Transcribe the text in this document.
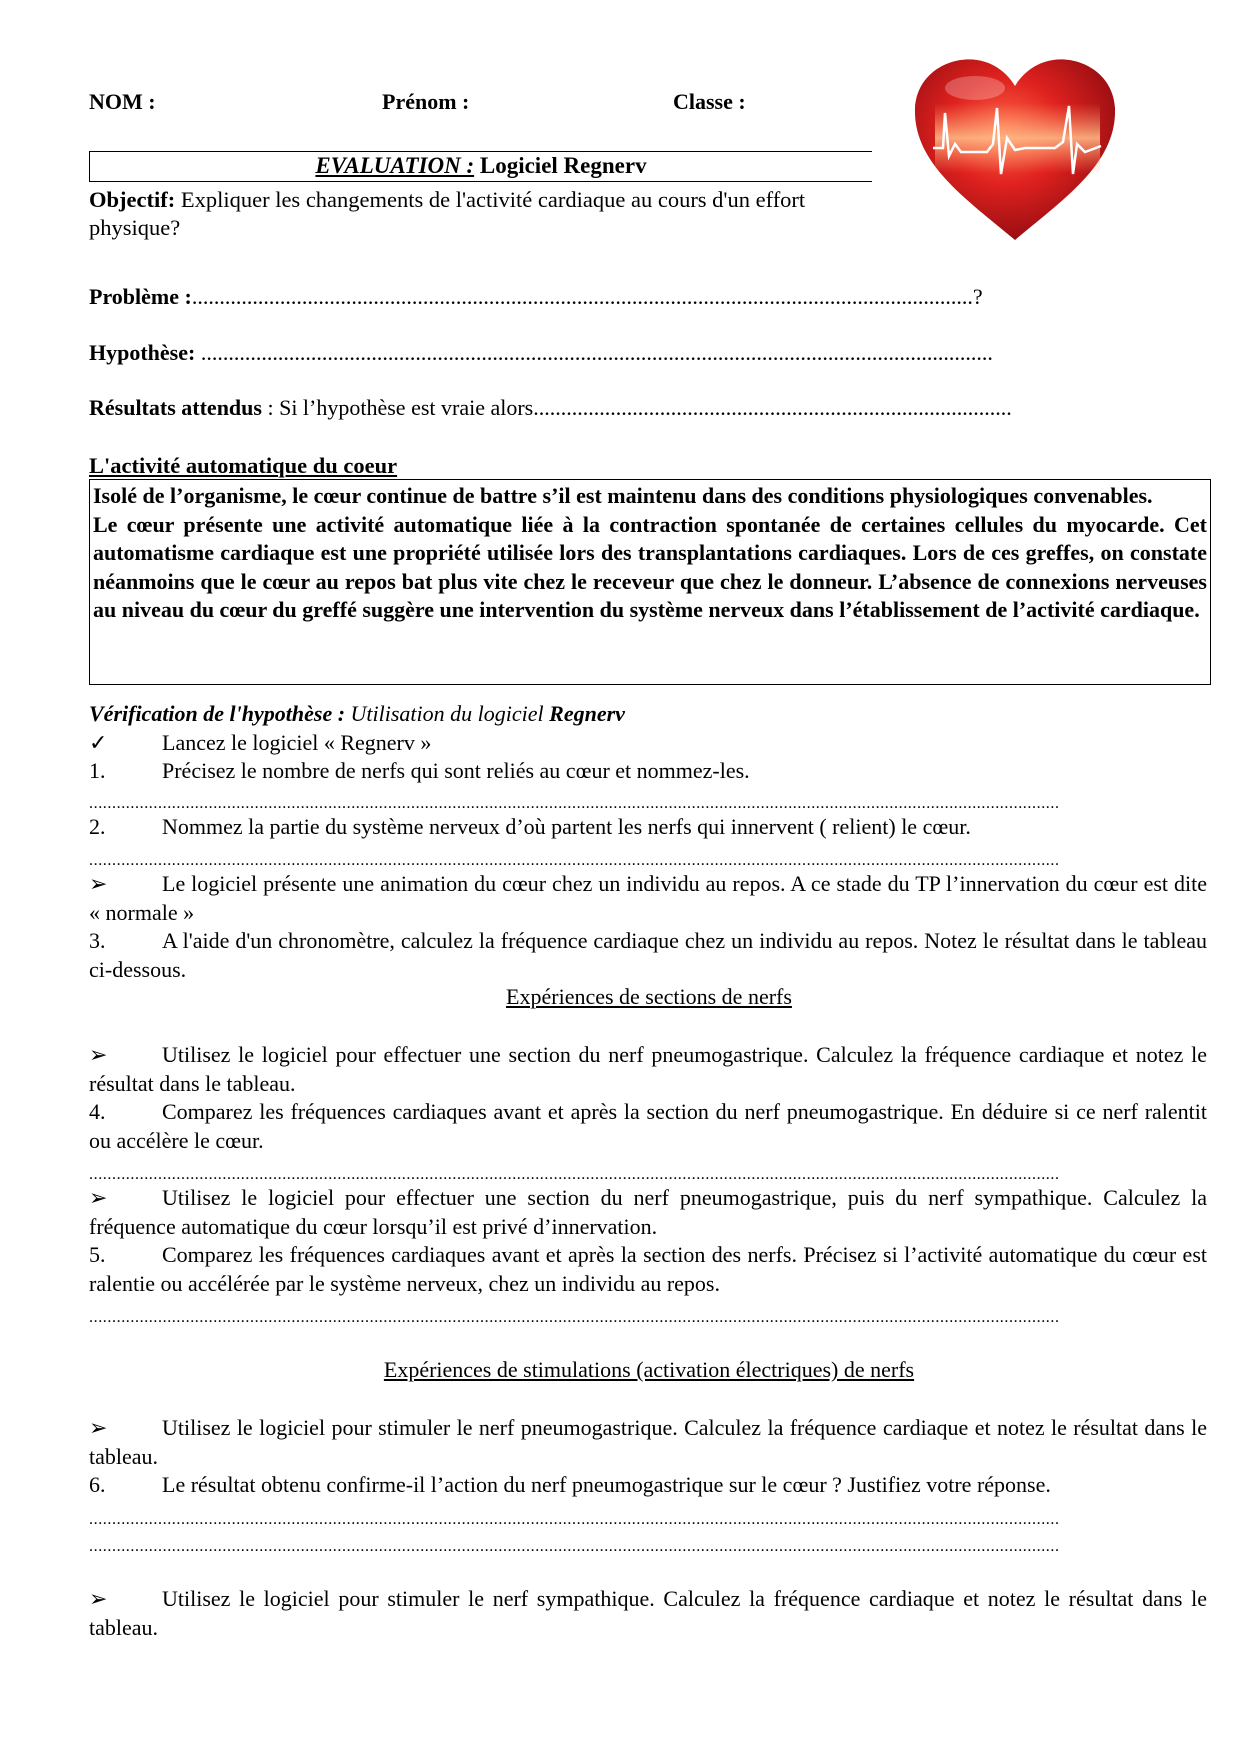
NOM :	Prénom :	Classe :
EVALUATION : Logiciel Regnerv
Objectif: Expliquer les changements de l'activité cardiaque au cours d'un effort physique?
Problème :..............................................................................................................................................?
Hypothèse: ................................................................................................................................................
Résultats attendus : Si l’hypothèse est vraie alors.......................................................................................
L'activité automatique du coeur

Isolé de l’organisme, le cœur continue de battre s’il est maintenu dans des conditions physiologiques convenables.

Le cœur présente une activité automatique liée à la contraction spontanée de certaines cellules du myocarde. Cet automatisme cardiaque est une propriété utilisée lors des transplantations cardiaques. Lors de ces greffes, on constate néanmoins que le cœur au repos bat plus vite chez le receveur que chez le donneur. L’absence de connexions nerveuses au niveau du cœur du greffé suggère une intervention du système nerveux dans l’établissement de l’activité cardiaque.

Vérification de l'hypothèse : Utilisation du logiciel Regnerv

✓ Lancez le logiciel « Regnerv »

1.	Précisez le nombre de nerfs qui sont reliés au cœur et nommez-les.

...................................................................................................................................................................................................................

2.	Nommez la partie du système nerveux d’où partent les nerfs qui innervent ( relient) le cœur.

...................................................................................................................................................................................................................

➢ Le logiciel présente une animation du cœur chez un individu au repos. A ce stade du TP l’innervation du cœur est dite « normale »

3.	A l'aide d'un chronomètre, calculez la fréquence cardiaque chez un individu au repos. Notez le résultat dans le tableau ci-dessous.

Expériences de sections de nerfs

➢ Utilisez le logiciel pour effectuer une section du nerf pneumogastrique. Calculez la fréquence cardiaque et notez le résultat dans le tableau.

4.	Comparez les fréquences cardiaques avant et après la section du nerf pneumogastrique. En déduire si ce nerf ralentit ou accélère le cœur.

...................................................................................................................................................................................................................

➢ Utilisez le logiciel pour effectuer une section du nerf pneumogastrique, puis du nerf sympathique. Calculez la fréquence automatique du cœur lorsqu’il est privé d’innervation.

5.	Comparez les fréquences cardiaques avant et après la section des nerfs. Précisez si l’activité automatique du cœur est ralentie ou accélérée par le système nerveux, chez un individu au repos.

...................................................................................................................................................................................................................
Expériences de stimulations (activation électriques) de nerfs

➢ Utilisez le logiciel pour stimuler le nerf pneumogastrique. Calculez la fréquence cardiaque et notez le résultat dans le tableau.

6.	Le résultat obtenu confirme-il l’action du nerf pneumogastrique sur le cœur ? Justifiez votre réponse.

...................................................................................................................................................................................................................
...................................................................................................................................................................................................................

➢ Utilisez le logiciel pour stimuler le nerf sympathique. Calculez la fréquence cardiaque et notez le résultat dans le tableau.
